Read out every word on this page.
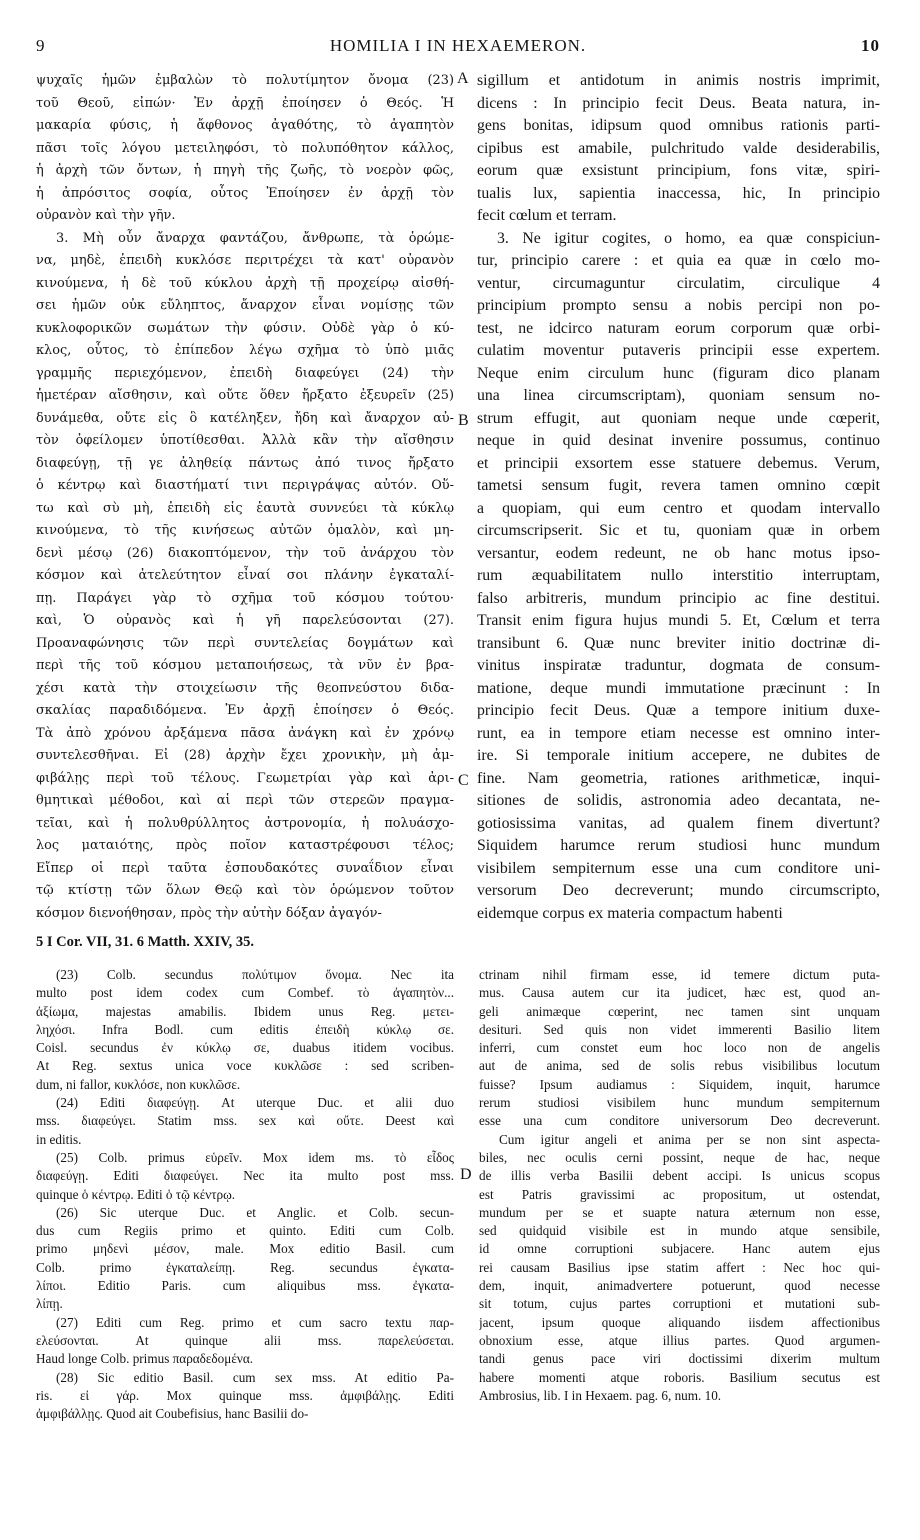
9	HOMILIA I IN HEXAEMERON.	10
ψυχαῖς ἡμῶν ἐμβαλὼν τὸ πολυτίμητον ὄνομα (23)
τοῦ Θεοῦ, εἰπών· Ἐν ἀρχῇ ἐποίησεν ὁ Θεός. Ἡ
μακαρία φύσις, ἡ ἄφθονος ἀγαθότης, τὸ ἀγαπητὸν
πᾶσι τοῖς λόγου μετειληφόσι, τὸ πολυπόθητον κάλλος,
ἡ ἀρχὴ τῶν ὄντων, ἡ πηγὴ τῆς ζωῆς, τὸ νοερὸν φῶς,
ἡ ἀπρόσιτος σοφία, οὗτος Ἐποίησεν ἐν ἀρχῇ τὸν
οὐρανὸν καὶ τὴν γῆν.
3. Μὴ οὖν ἄναρχα φαντάζου, ἄνθρωπε, τὰ ὁρώμε-
να, μηδὲ, ἐπειδὴ κυκλόσε περιτρέχει τὰ κατ' οὐρανὸν
κινούμενα, ἡ δὲ τοῦ κύκλου ἀρχὴ τῇ προχείρῳ αἰσθή-
σει ἡμῶν οὐκ εὔληπτος, ἄναρχον εἶναι νομίσῃς τῶν
κυκλοφορικῶν σωμάτων τὴν φύσιν. Οὐδὲ γὰρ ὁ κύ-
κλος, οὗτος, τὸ ἐπίπεδον λέγω σχῆμα τὸ ὑπὸ μιᾶς
γραμμῆς περιεχόμενον, ἐπειδὴ διαφεύγει (24) τὴν
ἡμετέραν αἴσθησιν, καὶ οὔτε ὅθεν ἤρξατο ἐξευρεῖν (25)
δυνάμεθα, οὔτε εἰς ὃ κατέληξεν, ἤδη καὶ ἄναρχον αὐ-
τὸν ὀφείλομεν ὑποτίθεσθαι. Ἀλλὰ κἂν τὴν αἴσθησιν
διαφεύγῃ, τῇ γε ἀληθείᾳ πάντως ἀπό τινος ἤρξατο
ὁ κέντρῳ καὶ διαστήματί τινι περιγράψας αὐτόν. Οὕ-
τω καὶ σὺ μὴ, ἐπειδὴ εἰς ἑαυτὰ συννεύει τὰ κύκλῳ
κινούμενα, τὸ τῆς κινήσεως αὐτῶν ὁμαλὸν, καὶ μη-
δενὶ μέσῳ (26) διακοπτόμενον, τὴν τοῦ ἀνάρχου τὸν
κόσμον καὶ ἀτελεύτητον εἶναί σοι πλάνην ἐγκαταλί-
πῃ. Παράγει γὰρ τὸ σχῆμα τοῦ κόσμου τούτου·
καὶ, Ὁ οὐρανὸς καὶ ἡ γῆ παρελεύσονται (27).
Προαναφώνησις τῶν περὶ συντελείας δογμάτων καὶ
περὶ τῆς τοῦ κόσμου μεταποιήσεως, τὰ νῦν ἐν βρα-
χέσι κατὰ τὴν στοιχείωσιν τῆς θεοπνεύστου διδα-
σκαλίας παραδιδόμενα. Ἐν ἀρχῇ ἐποίησεν ὁ Θεός.
Τὰ ἀπὸ χρόνου ἀρξάμενα πᾶσα ἀνάγκη καὶ ἐν χρόνῳ
συντελεσθῆναι. Εἰ (28) ἀρχὴν ἔχει χρονικὴν, μὴ ἀμ-
φιβάλῃς περὶ τοῦ τέλους. Γεωμετρίαι γὰρ καὶ ἀρι-
θμητικαὶ μέθοδοι, καὶ αἱ περὶ τῶν στερεῶν πραγμα-
τεῖαι, καὶ ἡ πολυθρύλλητος ἀστρονομία, ἡ πολυάσχο-
λος ματαιότης, πρὸς ποῖον καταστρέφουσι τέλος;
Εἴπερ οἱ περὶ ταῦτα ἐσπουδακότες συναΐδιον εἶναι
τῷ κτίστῃ τῶν ὅλων Θεῷ καὶ τὸν ὁρώμενον τοῦτον
κόσμον διενοήθησαν, πρὸς τὴν αὐτὴν δόξαν ἀγαγόν-
sigillum et antidotum in animis nostris imprimit,
dicens : In principio fecit Deus. Beata natura, in-
gens bonitas, idipsum quod omnibus rationis parti-
cipibus est amabile, pulchritudo valde desiderabilis,
eorum quæ exsistunt principium, fons vitæ, spiri-
tualis lux, sapientia inaccessa, hic, In principio
fecit cœlum et terram.
3. Ne igitur cogites, o homo, ea quæ conspiciun-
tur, principio carere : et quia ea quæ in cœlo mo-
ventur, circumaguntur circulatim, circulique 4
principium prompto sensu a nobis percipi non po-
test, ne idcirco naturam eorum corporum quæ orbi-
culatim moventur putaveris principii esse expertem.
Neque enim circulum hunc (figuram dico planam
una linea circumscriptam), quoniam sensum no-
strum effugit, aut quoniam neque unde cœperit,
neque in quid desinat invenire possumus, continuo
et principii exsortem esse statuere debemus. Verum,
tametsi sensum fugit, revera tamen omnino cœpit
a quopiam, qui eum centro et quodam intervallo
circumscripserit. Sic et tu, quoniam quæ in orbem
versantur, eodem redeunt, ne ob hanc motus ipso-
rum æquabilitatem nullo interstitio interruptam,
falso arbitreris, mundum principio ac fine destitui.
Transit enim figura hujus mundi 5. Et, Cœlum et terra
transibunt 6. Quæ nunc breviter initio doctrinæ di-
vinitus inspiratæ traduntur, dogmata de consum-
matione, deque mundi immutatione præcinunt : In
principio fecit Deus. Quæ a tempore initium duxe-
runt, ea in tempore etiam necesse est omnino inter-
ire. Si temporale initium accepere, ne dubites de
fine. Nam geometria, rationes arithmeticæ, inqui-
sitiones de solidis, astronomia adeo decantata, ne-
gotiosissima vanitas, ad qualem finem divertunt?
Siquidem harumce rerum studiosi hunc mundum
visibilem sempiternum esse una cum conditore uni-
versorum Deo decreverunt; mundo circumscripto,
eidemque corpus ex materia compactum habenti
A
B
C
D
5 I Cor. VII, 31. 6 Matth. XXIV, 35.
(23) Colb. secundus πολύτιμον ὄνομα. Nec ita
multo post idem codex cum Combef. τὸ ἀγαπητὸν...
ἀξίωμα, majestas amabilis. Ibidem unus Reg. μετει-
ληχόσι. Infra Bodl. cum editis ἐπειδὴ κύκλῳ σε.
Coisl. secundus ἐν κύκλῳ σε, duabus itidem vocibus.
At Reg. sextus unica voce κυκλῶσε : sed scriben-
dum, ni fallor, κυκλόσε, non κυκλῶσε.
(24) Editi διαφεύγῃ. At uterque Duc. et alii duo
mss. διαφεύγει. Statim mss. sex καὶ οὔτε. Deest καὶ
in editis.
(25) Colb. primus εὑρεῖν. Mox idem ms. τὸ εἶδος
διαφεύγῃ. Editi διαφεύγει. Nec ita multo post mss.
quinque ὁ κέντρῳ. Editi ὁ τῷ κέντρῳ.
(26) Sic uterque Duc. et Anglic. et Colb. secun-
dus cum Regiis primo et quinto. Editi cum Colb.
primo μηδενὶ μέσον, male. Mox editio Basil. cum
Colb. primo ἐγκαταλείπῃ. Reg. secundus ἐγκατα-
λίποι. Editio Paris. cum aliquibus mss. ἐγκατα-
λίπῃ.
(27) Editi cum Reg. primo et cum sacro textu παρ-
ελεύσονται. At quinque alii mss. παρελεύσεται.
Haud longe Colb. primus παραδεδομένα.
(28) Sic editio Basil. cum sex mss. At editio Pa-
ris. εἰ γάρ. Mox quinque mss. ἀμφιβάλῃς. Editi
ἀμφιβάλλῃς. Quod ait Coubefisius, hanc Basilii do-
ctrinam nihil firmam esse, id temere dictum puta-
mus. Causa autem cur ita judicet, hæc est, quod an-
geli animæque cœperint, nec tamen sint unquam
desituri. Sed quis non videt immerenti Basilio litem
inferri, cum constet eum hoc loco non de angelis
aut de anima, sed de solis rebus visibilibus locutum
fuisse? Ipsum audiamus : Siquidem, inquit, harumce
rerum studiosi visibilem hunc mundum sempiternum
esse una cum conditore universorum Deo decreverunt.
Cum igitur angeli et anima per se non sint aspecta-
biles, nec oculis cerni possint, neque de hac, neque
de illis verba Basilii debent accipi. Is unicus scopus
est Patris gravissimi ac propositum, ut ostendat,
mundum per se et suapte natura æternum non esse,
sed quidquid visibile est in mundo atque sensibile,
id omne corruptioni subjacere. Hanc autem ejus
rei causam Basilius ipse statim affert : Nec hoc qui-
dem, inquit, animadvertere potuerunt, quod necesse
sit totum, cujus partes corruptioni et mutationi sub-
jacent, ipsum quoque aliquando iisdem affectionibus
obnoxium esse, atque illius partes. Quod argumen-
tandi genus pace viri doctissimi dixerim multum
habere momenti atque roboris. Basilium secutus est
Ambrosius, lib. I in Hexaem. pag. 6, num. 10.
